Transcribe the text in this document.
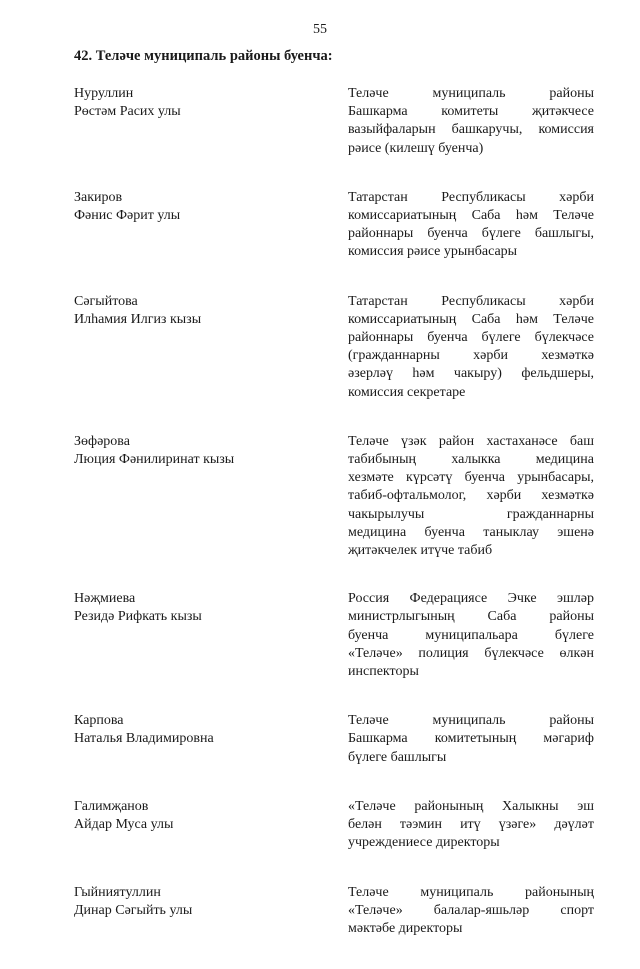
55
42. Теләче муниципаль районы буенча:
Нуруллин
Рөстәм Расих улы
Теләче муниципаль районы
Башкарма комитеты җитәкчесе
вазыйфаларын башкаручы, комиссия
рәисе (килешү буенча)
Закиров
Фәнис Фәрит улы
Татарстан Республикасы хәрби
комиссариатының Саба һәм Теләче
районнары буенча бүлеге башлыгы,
комиссия рәисе урынбасары
Сәгыйтова
Илһамия Илгиз кызы
Татарстан Республикасы хәрби
комиссариатының Саба һәм Теләче
районнары буенча бүлеге бүлекчәсе
(гражданнарны хәрби хезмәткә
әзерләү һәм чакыру) фельдшеры,
комиссия секретаре
Зөфәрова
Люция Фәнилиринат кызы
Теләче үзәк район хастаханәсе баш
табибының халыкка медицина
хезмәте күрсәтү буенча урынбасары,
табиб-офтальмолог, хәрби хезмәткә
чакырылучы гражданнарны
медицина буенча таныклау эшенә
җитәкчелек итүче табиб
Нәҗмиева
Резидә Рифкать кызы
Россия Федерациясе Эчке эшләр
министрлыгының Саба районы
буенча муниципальара бүлеге
«Теләче» полиция бүлекчәсе өлкән
инспекторы
Карпова
Наталья Владимировна
Теләче муниципаль районы
Башкарма комитетының мәгариф
бүлеге башлыгы
Галимҗанов
Айдар Муса улы
«Теләче районының Халыкны эш
белән тәэмин итү үзәге» дәүләт
учреждениесе директоры
Гыйниятуллин
Динар Сәгыйть улы
Теләче муниципаль районының
«Теләче» балалар-яшьләр спорт
мәктәбе директоры
